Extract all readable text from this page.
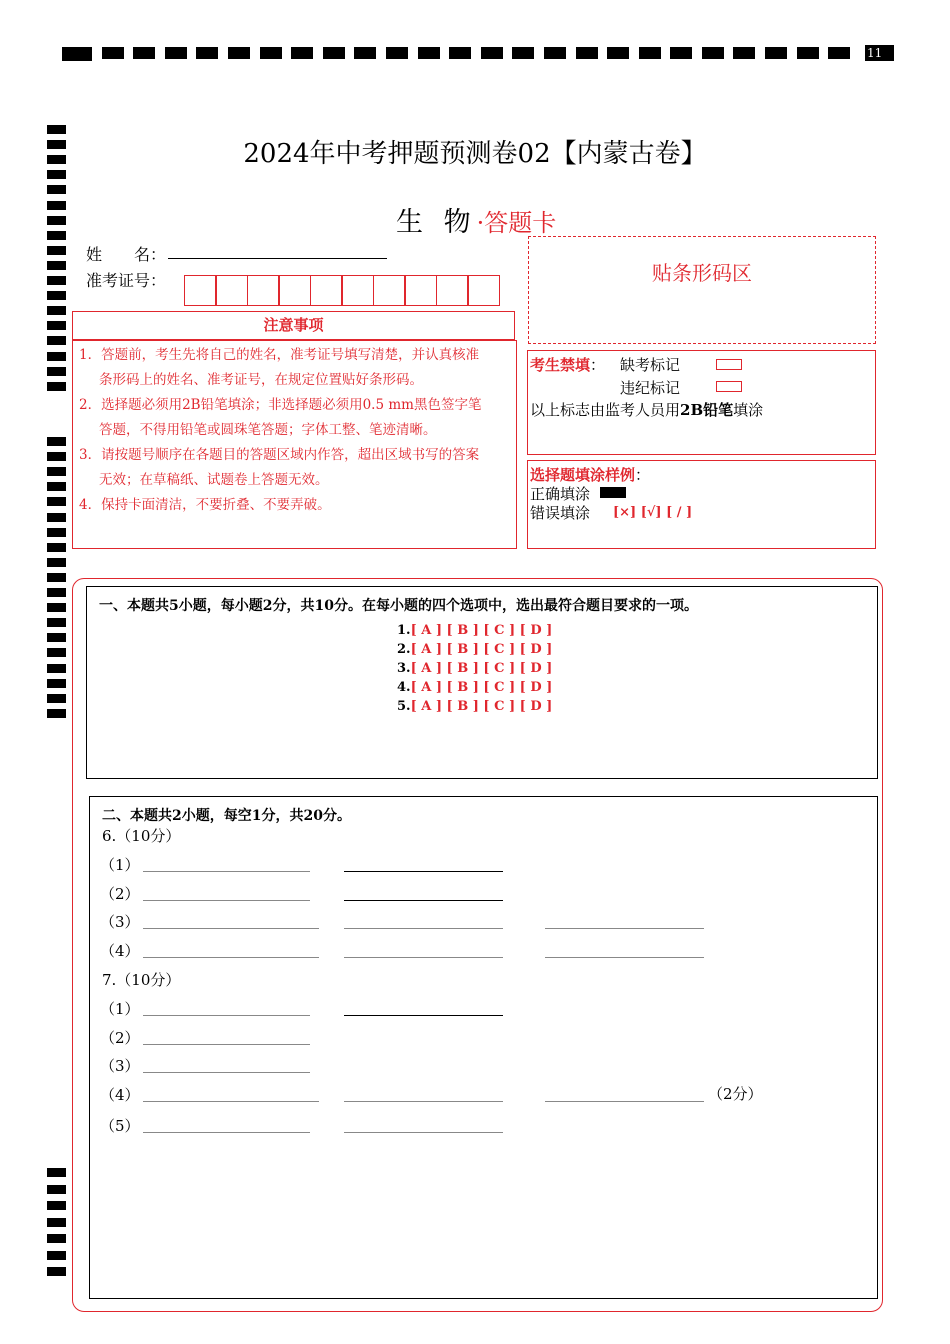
11
2024年中考押题预测卷02【内蒙古卷】
生 物·答题卡
姓　　名：
准考证号：	贴条形码区
注意事项
1．答题前，考生先将自己的姓名，准考证号填写清楚，并认真核准
条形码上的姓名、准考证号，在规定位置贴好条形码。
2．选择题必须用2B铅笔填涂；非选择题必须用0.5 mm黑色签字笔
答题，不得用铅笔或圆珠笔答题；字体工整、笔迹清晰。
3．请按题号顺序在各题目的答题区域内作答，超出区域书写的答案
无效；在草稿纸、试题卷上答题无效。
4．保持卡面清洁，不要折叠、不要弄破。
考生禁填： 缺考标记
违纪标记
以上标志由监考人员用2B铅笔填涂
选择题填涂样例：
正确填涂
错误填涂 [×] [√] [ / ]
一、本题共5小题，每小题2分，共10分。在每小题的四个选项中，选出最符合题目要求的一项。
1.[ A ] [ B ] [ C ] [ D ]
2.[ A ] [ B ] [ C ] [ D ]
3.[ A ] [ B ] [ C ] [ D ]
4.[ A ] [ B ] [ C ] [ D ]
5.[ A ] [ B ] [ C ] [ D ]
二、本题共2小题，每空1分，共20分。
6.（10分）
（1）
（2）
（3）
（4）
7.（10分）
（1）
（2）
（3）
（4）	（2分）
（5）
